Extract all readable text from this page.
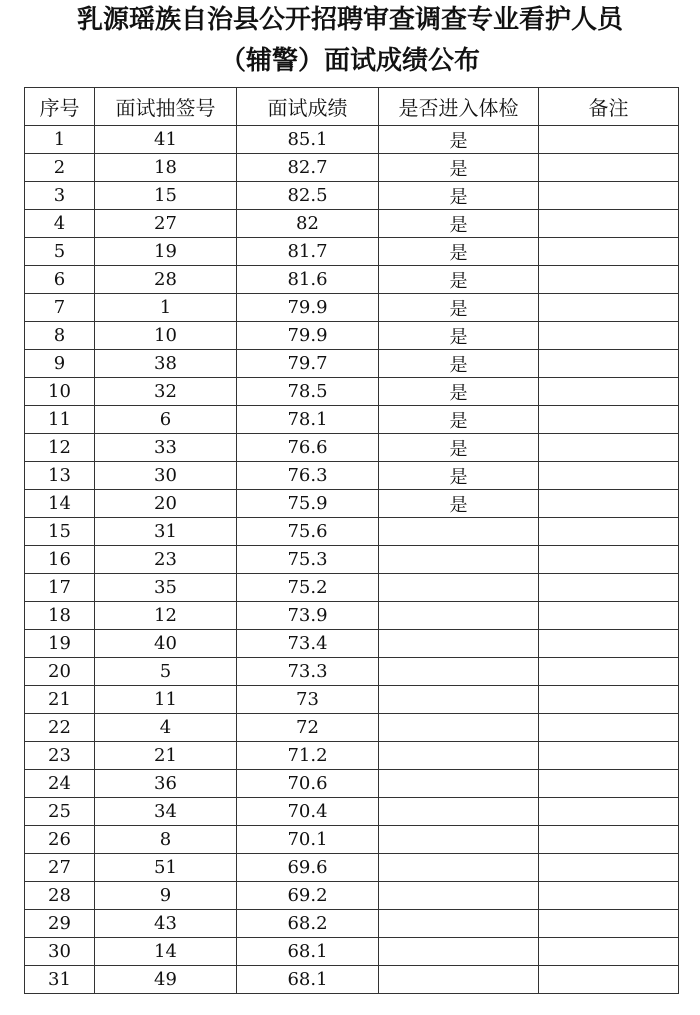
乳源瑶族自治县公开招聘审查调查专业看护人员
（辅警）面试成绩公布
序号	面试抽签号	面试成绩	是否进入体检	备注
1	41	85.1	是	
2	18	82.7	是	
3	15	82.5	是	
4	27	82	是	
5	19	81.7	是	
6	28	81.6	是	
7	1	79.9	是	
8	10	79.9	是	
9	38	79.7	是	
10	32	78.5	是	
11	6	78.1	是	
12	33	76.6	是	
13	30	76.3	是	
14	20	75.9	是	
15	31	75.6		
16	23	75.3		
17	35	75.2		
18	12	73.9		
19	40	73.4		
20	5	73.3		
21	11	73		
22	4	72		
23	21	71.2		
24	36	70.6		
25	34	70.4		
26	8	70.1		
27	51	69.6		
28	9	69.2		
29	43	68.2		
30	14	68.1		
31	49	68.1		
